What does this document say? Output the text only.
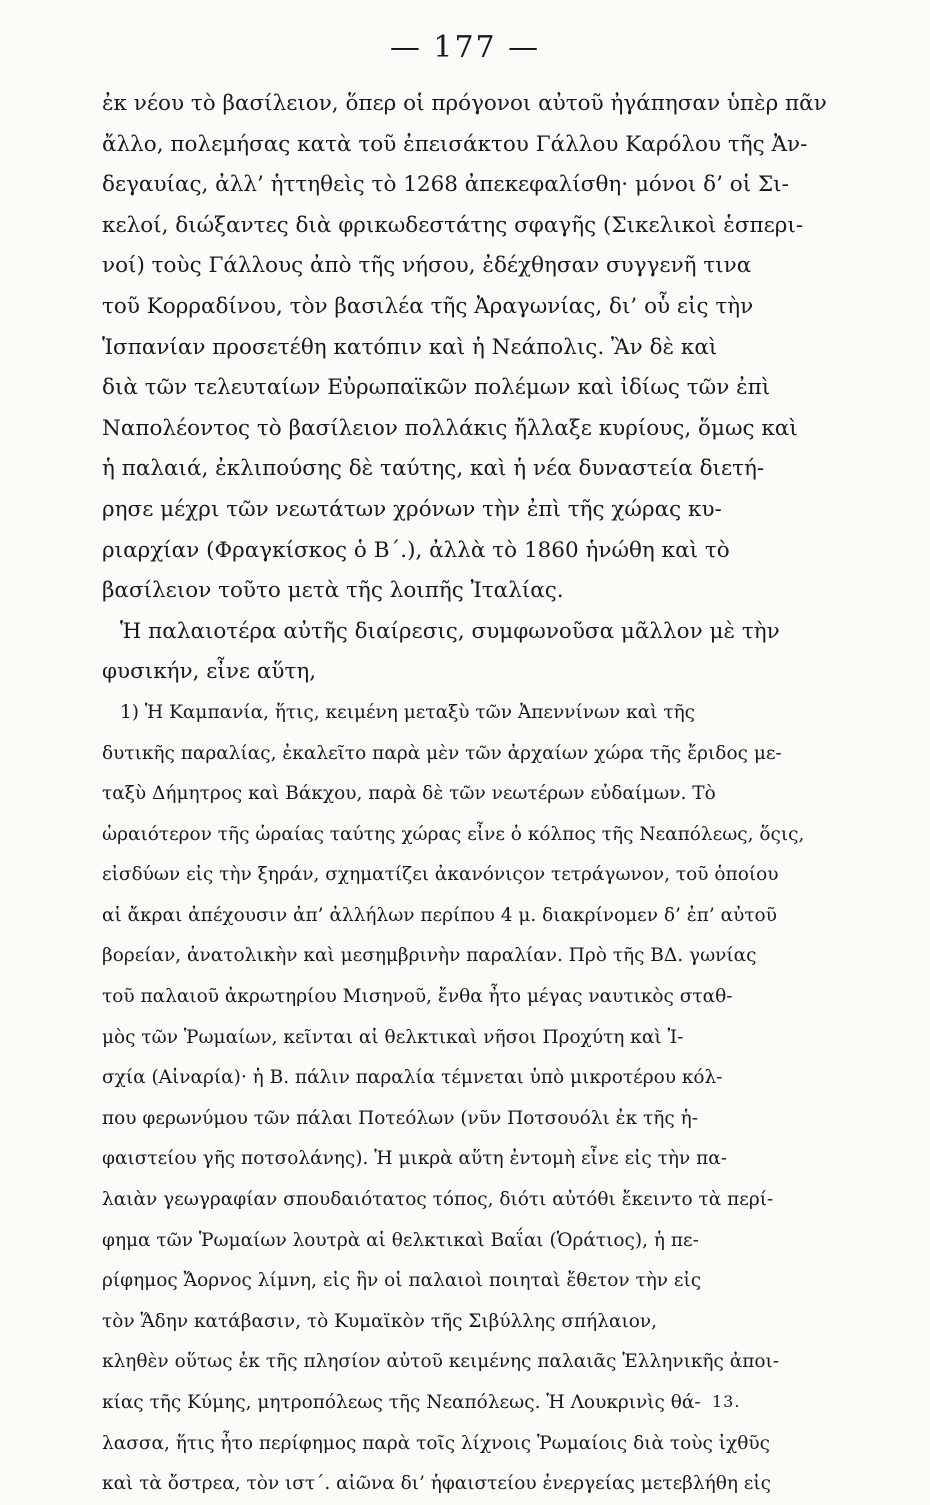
— 177 —
ἐκ νέου τὸ βασίλειον, ὅπερ οἱ πρόγονοι αὐτοῦ ἠγάπησαν ὑπὲρ πᾶν
ἄλλο, πολεμήσας κατὰ τοῦ ἐπεισάκτου Γάλλου Καρόλου τῆς Ἀν-
δεγαυίας, ἀλλ’ ἡττηθεὶς τὸ 1268 ἀπεκεφαλίσθη· μόνοι δ’ οἱ Σι-
κελοί, διώξαντες διὰ φρικωδεστάτης σφαγῆς (Σικελικοὶ ἑσπερι-
νοί) τοὺς Γάλλους ἀπὸ τῆς νήσου, ἐδέχθησαν συγγενῆ τινα
τοῦ Κορραδίνου, τὸν βασιλέα τῆς Ἀραγωνίας, δι’ οὗ εἰς τὴν
Ἱσπανίαν προσετέθη κατόπιν καὶ ἡ Νεάπολις. Ἂν δὲ καὶ
διὰ τῶν τελευταίων Εὐρωπαϊκῶν πολέμων καὶ ἰδίως τῶν ἐπὶ
Ναπολέοντος τὸ βασίλειον πολλάκις ἤλλαξε κυρίους, ὅμως καὶ
ἡ παλαιά, ἐκλιπούσης δὲ ταύτης, καὶ ἡ νέα δυναστεία διετή-
ρησε μέχρι τῶν νεωτάτων χρόνων τὴν ἐπὶ τῆς χώρας κυ-
ριαρχίαν (Φραγκίσκος ὁ Β΄.), ἀλλὰ τὸ 1860 ἡνώθη καὶ τὸ
βασίλειον τοῦτο μετὰ τῆς λοιπῆς Ἰταλίας.
Ἡ παλαιοτέρα αὐτῆς διαίρεσις, συμφωνοῦσα μᾶλλον μὲ τὴν
φυσικήν, εἶνε αὕτη,
1) Ἡ Καμπανία, ἥτις, κειμένη μεταξὺ τῶν Ἀπεννίνων καὶ τῆς
δυτικῆς παραλίας, ἐκαλεῖτο παρὰ μὲν τῶν ἀρχαίων χώρα τῆς ἔριδος με-
ταξὺ Δήμητρος καὶ Βάκχου, παρὰ δὲ τῶν νεωτέρων εὐδαίμων. Τὸ
ὡραιότερον τῆς ὡραίας ταύτης χώρας εἶνε ὁ κόλπος τῆς Νεαπόλεως, ὅςις,
εἰσδύων εἰς τὴν ξηράν, σχηματίζει ἀκανόνιςον τετράγωνον, τοῦ ὁποίου
αἱ ἄκραι ἀπέχουσιν ἀπ’ ἀλλήλων περίπου 4 μ. διακρίνομεν δ’ ἐπ’ αὐτοῦ
βορείαν, ἀνατολικὴν καὶ μεσημβρινὴν παραλίαν. Πρὸ τῆς ΒΔ. γωνίας
τοῦ παλαιοῦ ἀκρωτηρίου Μισηνοῦ, ἔνθα ἦτο μέγας ναυτικὸς σταθ-
μὸς τῶν Ῥωμαίων, κεῖνται αἱ θελκτικαὶ νῆσοι Προχύτη καὶ Ἰ-
σχία (Αἰναρία)· ἡ Β. πάλιν παραλία τέμνεται ὑπὸ μικροτέρου κόλ-
που φερωνύμου τῶν πάλαι Ποτεόλων (νῦν Ποτσουόλι ἐκ τῆς ἡ-
φαιστείου γῆς ποτσολάνης). Ἡ μικρὰ αὕτη ἐντομὴ εἶνε εἰς τὴν πα-
λαιὰν γεωγραφίαν σπουδαιότατος τόπος, διότι αὐτόθι ἔκειντο τὰ περί-
φημα τῶν Ῥωμαίων λουτρὰ αἱ θελκτικαὶ Βαΐαι (Ὁράτιος), ἡ πε-
ρίφημος Ἄορνος λίμνη, εἰς ἣν οἱ παλαιοὶ ποιηταὶ ἔθετον τὴν εἰς
τὸν Ἅδην κατάβασιν, τὸ Κυμαϊκὸν τῆς Σιβύλλης σπήλαιον,
κληθὲν οὕτως ἐκ τῆς πλησίον αὐτοῦ κειμένης παλαιᾶς Ἑλληνικῆς ἀποι-
κίας τῆς Κύμης, μητροπόλεως τῆς Νεαπόλεως. Ἡ Λουκρινὶς θά-
λασσα, ἥτις ἦτο περίφημος παρὰ τοῖς λίχνοις Ῥωμαίοις διὰ τοὺς ἰχθῦς
καὶ τὰ ὄστρεα, τὸν ιστ΄. αἰῶνα δι’ ἡφαιστείου ἐνεργείας μετεβλήθη εἰς
13.
